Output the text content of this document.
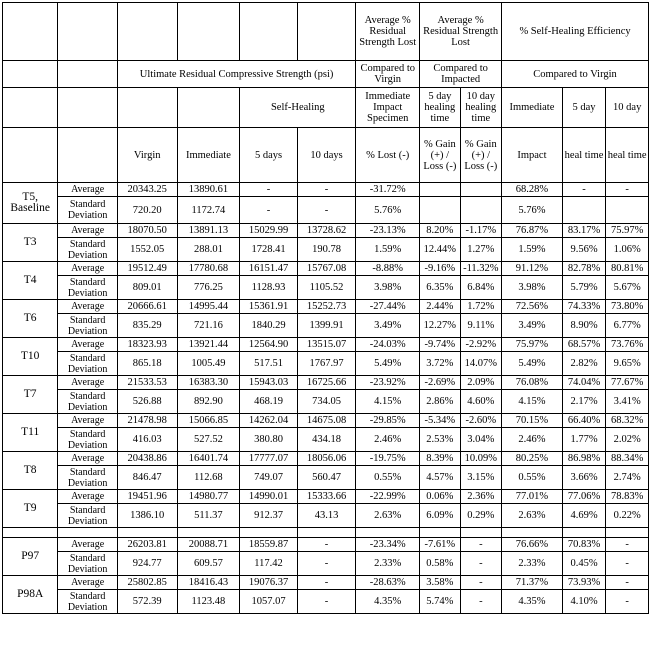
						Average % Residual Strength Lost	Average % Residual Strength Lost		% Self-Healing Efficiency		
		Ultimate Residual Compressive Strength (psi)				Compared to Virgin	Compared to Impacted		Compared to Virgin		
				Self-Healing		Immediate Impact Specimen	5 day healing time	10 day healing time	Immediate	5 day	10 day
		Virgin	Immediate	5 days	10 days	% Lost (-)	% Gain (+) / Loss (-)	% Gain (+) / Loss (-)	Impact	heal time	heal time
T5, Baseline	Average	20343.25	13890.61	-	-	-31.72%			68.28%	-	-
	Standard Deviation	720.20	1172.74	-	-	5.76%			5.76%		
T3	Average	18070.50	13891.13	15029.99	13728.62	-23.13%	8.20%	-1.17%	76.87%	83.17%	75.97%
	Standard Deviation	1552.05	288.01	1728.41	190.78	1.59%	12.44%	1.27%	1.59%	9.56%	1.06%
T4	Average	19512.49	17780.68	16151.47	15767.08	-8.88%	-9.16%	-11.32%	91.12%	82.78%	80.81%
	Standard Deviation	809.01	776.25	1128.93	1105.52	3.98%	6.35%	6.84%	3.98%	5.79%	5.67%
T6	Average	20666.61	14995.44	15361.91	15252.73	-27.44%	2.44%	1.72%	72.56%	74.33%	73.80%
	Standard Deviation	835.29	721.16	1840.29	1399.91	3.49%	12.27%	9.11%	3.49%	8.90%	6.77%
T10	Average	18323.93	13921.44	12564.90	13515.07	-24.03%	-9.74%	-2.92%	75.97%	68.57%	73.76%
	Standard Deviation	865.18	1005.49	517.51	1767.97	5.49%	3.72%	14.07%	5.49%	2.82%	9.65%
T7	Average	21533.53	16383.30	15943.03	16725.66	-23.92%	-2.69%	2.09%	76.08%	74.04%	77.67%
	Standard Deviation	526.88	892.90	468.19	734.05	4.15%	2.86%	4.60%	4.15%	2.17%	3.41%
T11	Average	21478.98	15066.85	14262.04	14675.08	-29.85%	-5.34%	-2.60%	70.15%	66.40%	68.32%
	Standard Deviation	416.03	527.52	380.80	434.18	2.46%	2.53%	3.04%	2.46%	1.77%	2.02%
T8	Average	20438.86	16401.74	17777.07	18056.06	-19.75%	8.39%	10.09%	80.25%	86.98%	88.34%
	Standard Deviation	846.47	112.68	749.07	560.47	0.55%	4.57%	3.15%	0.55%	3.66%	2.74%
T9	Average	19451.96	14980.77	14990.01	15333.66	-22.99%	0.06%	2.36%	77.01%	77.06%	78.83%
	Standard Deviation	1386.10	511.37	912.37	43.13	2.63%	6.09%	0.29%	2.63%	4.69%	0.22%

P97	Average	26203.81	20088.71	18559.87	-	-23.34%	-7.61%	-	76.66%	70.83%	-
	Standard Deviation	924.77	609.57	117.42	-	2.33%	0.58%	-	2.33%	0.45%	-
P98A	Average	25802.85	18416.43	19076.37	-	-28.63%	3.58%	-	71.37%	73.93%	-
	Standard Deviation	572.39	1123.48	1057.07	-	4.35%	5.74%	-	4.35%	4.10%	-
